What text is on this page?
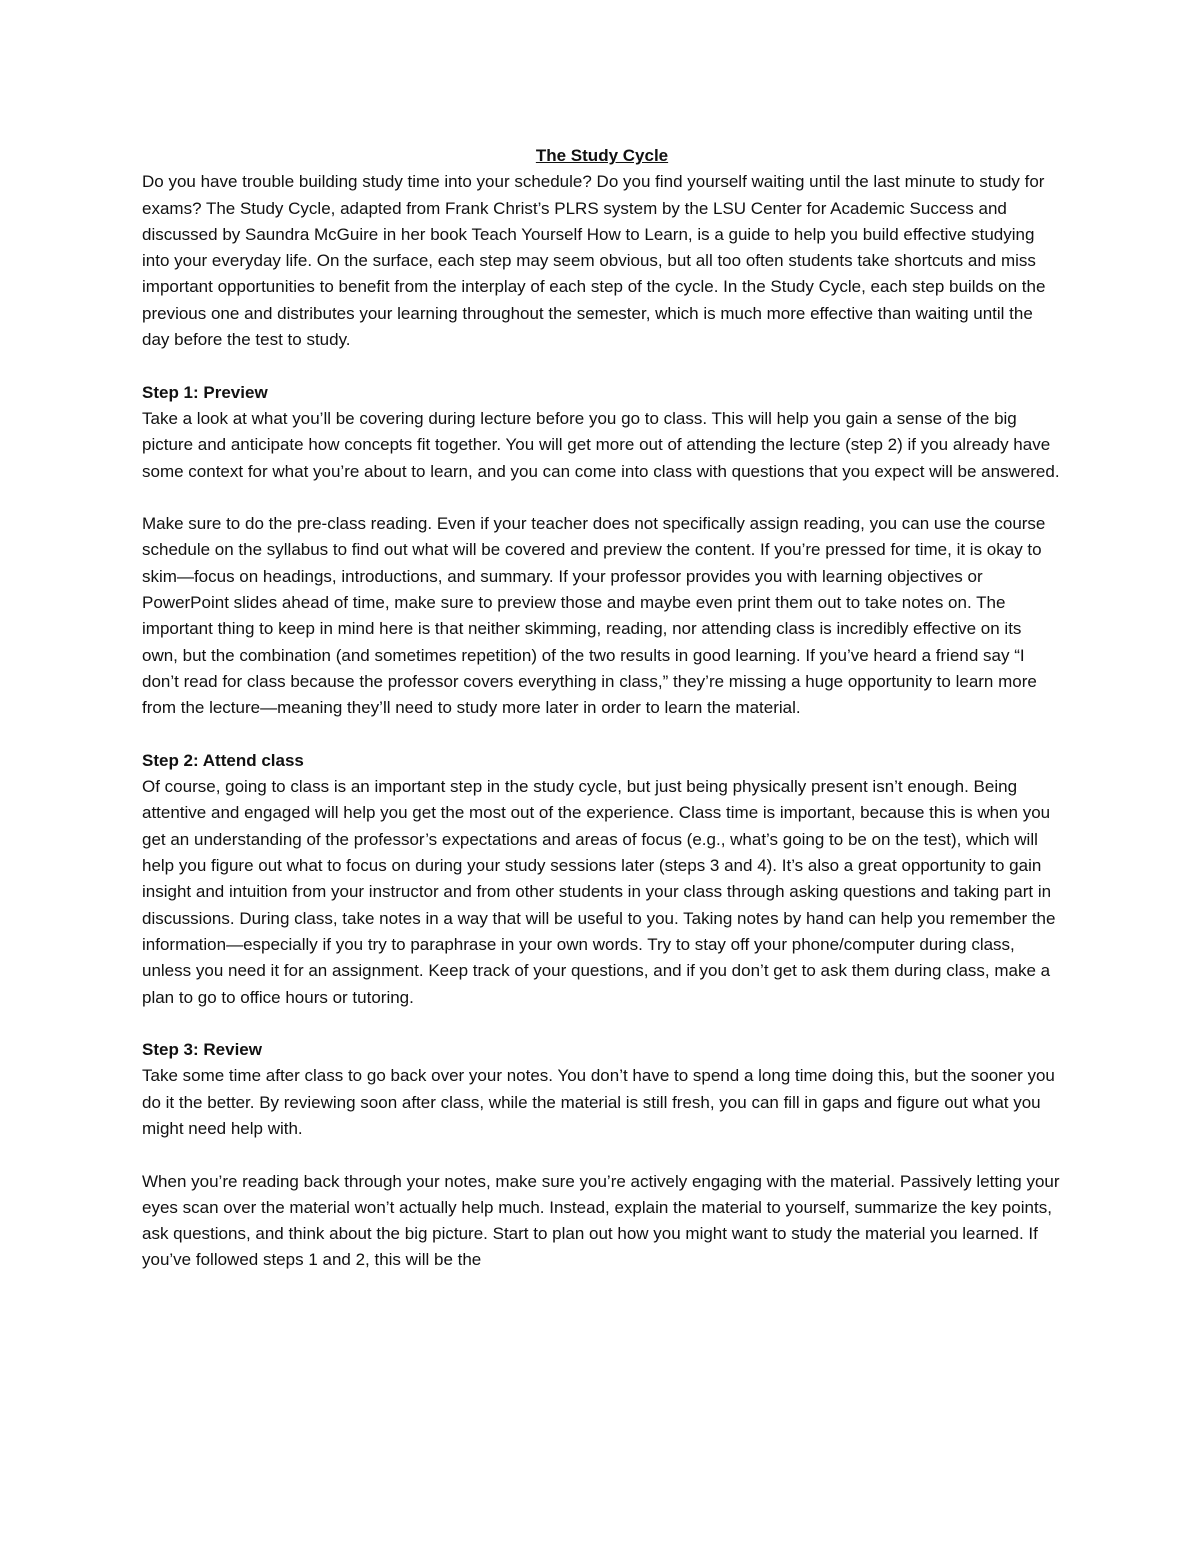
The Study Cycle

Do you have trouble building study time into your schedule? Do you find yourself waiting until the last minute to study for exams? The Study Cycle, adapted from Frank Christ’s PLRS system by the LSU Center for Academic Success and discussed by Saundra McGuire in her book Teach Yourself How to Learn, is a guide to help you build effective studying into your everyday life. On the surface, each step may seem obvious, but all too often students take shortcuts and miss important opportunities to benefit from the interplay of each step of the cycle. In the Study Cycle, each step builds on the previous one and distributes your learning throughout the semester, which is much more effective than waiting until the day before the test to study.

Step 1: Preview

Take a look at what you’ll be covering during lecture before you go to class. This will help you gain a sense of the big picture and anticipate how concepts fit together. You will get more out of attending the lecture (step 2) if you already have some context for what you’re about to learn, and you can come into class with questions that you expect will be answered.

Make sure to do the pre-class reading. Even if your teacher does not specifically assign reading, you can use the course schedule on the syllabus to find out what will be covered and preview the content. If you’re pressed for time, it is okay to skim—focus on headings, introductions, and summary. If your professor provides you with learning objectives or PowerPoint slides ahead of time, make sure to preview those and maybe even print them out to take notes on. The important thing to keep in mind here is that neither skimming, reading, nor attending class is incredibly effective on its own, but the combination (and sometimes repetition) of the two results in good learning. If you’ve heard a friend say “I don’t read for class because the professor covers everything in class,” they’re missing a huge opportunity to learn more from the lecture—meaning they’ll need to study more later in order to learn the material.

Step 2: Attend class

Of course, going to class is an important step in the study cycle, but just being physically present isn’t enough. Being attentive and engaged will help you get the most out of the experience. Class time is important, because this is when you get an understanding of the professor’s expectations and areas of focus (e.g., what’s going to be on the test), which will help you figure out what to focus on during your study sessions later (steps 3 and 4). It’s also a great opportunity to gain insight and intuition from your instructor and from other students in your class through asking questions and taking part in discussions. During class, take notes in a way that will be useful to you. Taking notes by hand can help you remember the information—especially if you try to paraphrase in your own words. Try to stay off your phone/computer during class, unless you need it for an assignment. Keep track of your questions, and if you don’t get to ask them during class, make a plan to go to office hours or tutoring.

Step 3: Review

Take some time after class to go back over your notes. You don’t have to spend a long time doing this, but the sooner you do it the better. By reviewing soon after class, while the material is still fresh, you can fill in gaps and figure out what you might need help with.

When you’re reading back through your notes, make sure you’re actively engaging with the material. Passively letting your eyes scan over the material won’t actually help much. Instead, explain the material to yourself, summarize the key points, ask questions, and think about the big picture. Start to plan out how you might want to study the material you learned. If you’ve followed steps 1 and 2, this will be the
